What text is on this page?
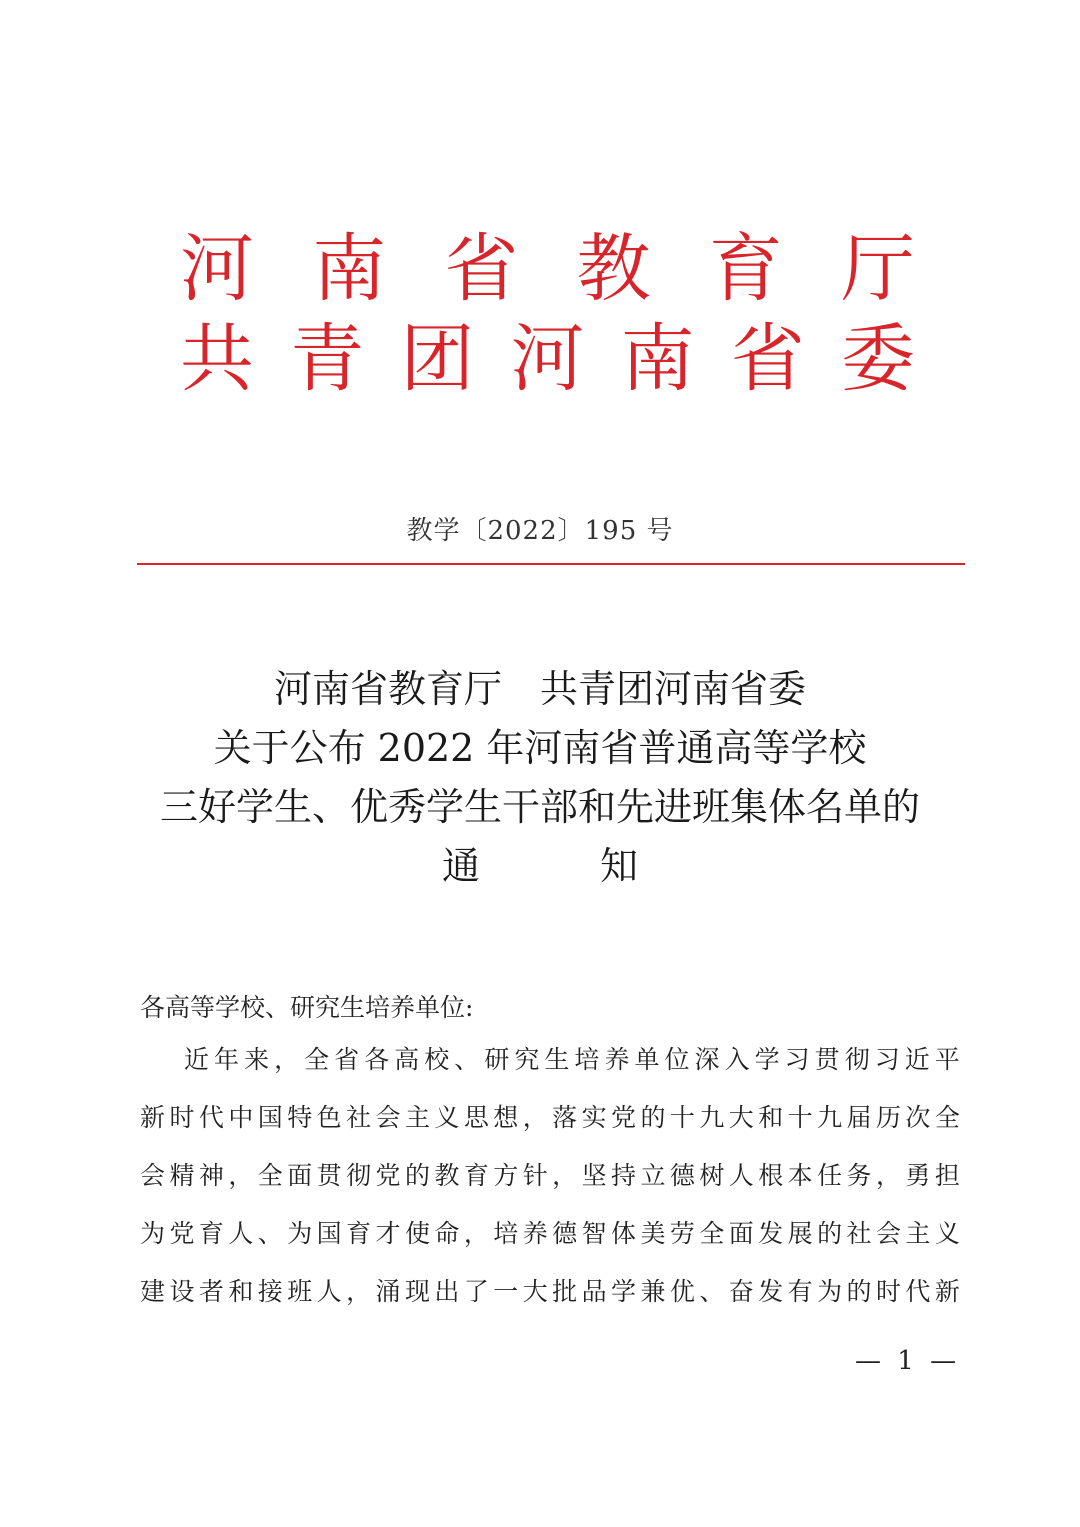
河 南 省 教 育 厅
共 青 团 河 南 省 委
教学〔2022〕195 号
河南省教育厅　共青团河南省委
关于公布 2022 年河南省普通高等学校
三好学生、优秀学生干部和先进班集体名单的
通	知
各高等学校、研究生培养单位:
近 年 来 ， 全 省 各 高 校 、 研 究 生 培 养 单 位 深 入 学 习 贯 彻 习 近 平
新 时 代 中 国 特 色 社 会 主 义 思 想 ， 落 实 党 的 十 九 大 和 十 九 届 历 次 全
会 精 神 ， 全 面 贯 彻 党 的 教 育 方 针 ， 坚 持 立 德 树 人 根 本 任 务 ， 勇 担
为 党 育 人 、 为 国 育 才 使 命 ， 培 养 德 智 体 美 劳 全 面 发 展 的 社 会 主 义
建 设 者 和 接 班 人 ， 涌 现 出 了 一 大 批 品 学 兼 优 、 奋 发 有 为 的 时 代 新
— 1 —
